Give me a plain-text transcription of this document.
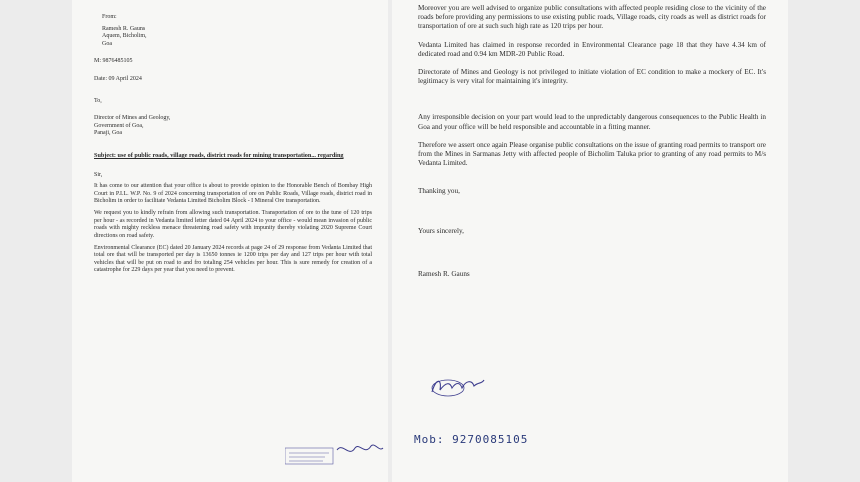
From:

Ramesh R. Gauns
Aquem, Bicholim,
Goa

M: 9876485105

Date: 09 April 2024

To,

Director of Mines and Geology,
Government of Goa,
Panaji, Goa

Subject: use of public roads, village roads, district roads for mining transportation... regarding

Sir,

It has come to our attention that your office is about to provide opinion to the Honorable Bench of Bombay High Court in P.I.L. W.P. No. 9 of 2024 concerning transportation of ore on Public Roads, Village roads, district road in Bicholim in order to facilitate Vedanta Limited Bicholim Block - I Mineral Ore transportation.

We request you to kindly refrain from allowing such transportation. Transportation of ore to the tune of 120 trips per hour - as recorded in Vedanta limited letter dated 04 April 2024 to your office - would mean invasion of public roads with mighty reckless menace threatening road safety with impunity thereby violating 2020 Supreme Court directions on road safety.

Environmental Clearance (EC) dated 20 January 2024 records at page 24 of 29 response from Vedanta Limited that total ore that will be transported per day is 13650 tonnes ie 1200 trips per day and 127 trips per hour with total vehicles that will be put on road to and fro totaling 254 vehicles per hour. This is sure remedy for creation of a catastrophe for 229 days per year that you need to prevent.

Moreover you are well advised to organize public consultations with affected people residing close to the vicinity of the roads before providing any permissions to use existing public roads, Village roads, city roads as well as district roads for transportation of ore at such such high rate as 120 trips per hour.

Vedanta Limited has claimed in response recorded in Environmental Clearance page 18 that they have 4.34 km of dedicated road and 0.94 km MDR-20 Public Road.

Directorate of Mines and Geology is not privileged to initiate violation of EC condition to make a mockery of EC. It's legitimacy is very vital for maintaining it's integrity.

Any irresponsible decision on your part would lead to the unpredictably dangerous consequences to the Public Health in Goa and your office will be held responsible and accountable in a fitting manner.

Therefore we assert once again Please organise public consultations on the issue of granting road permits to transport ore from the Mines in Sarmanas Jetty with affected people of Bicholim Taluka prior to granting of any road permits to M/s Vedanta Limited.

Thanking you,

Yours sincerely,

Ramesh R. Gauns

Mob: 9270085105
